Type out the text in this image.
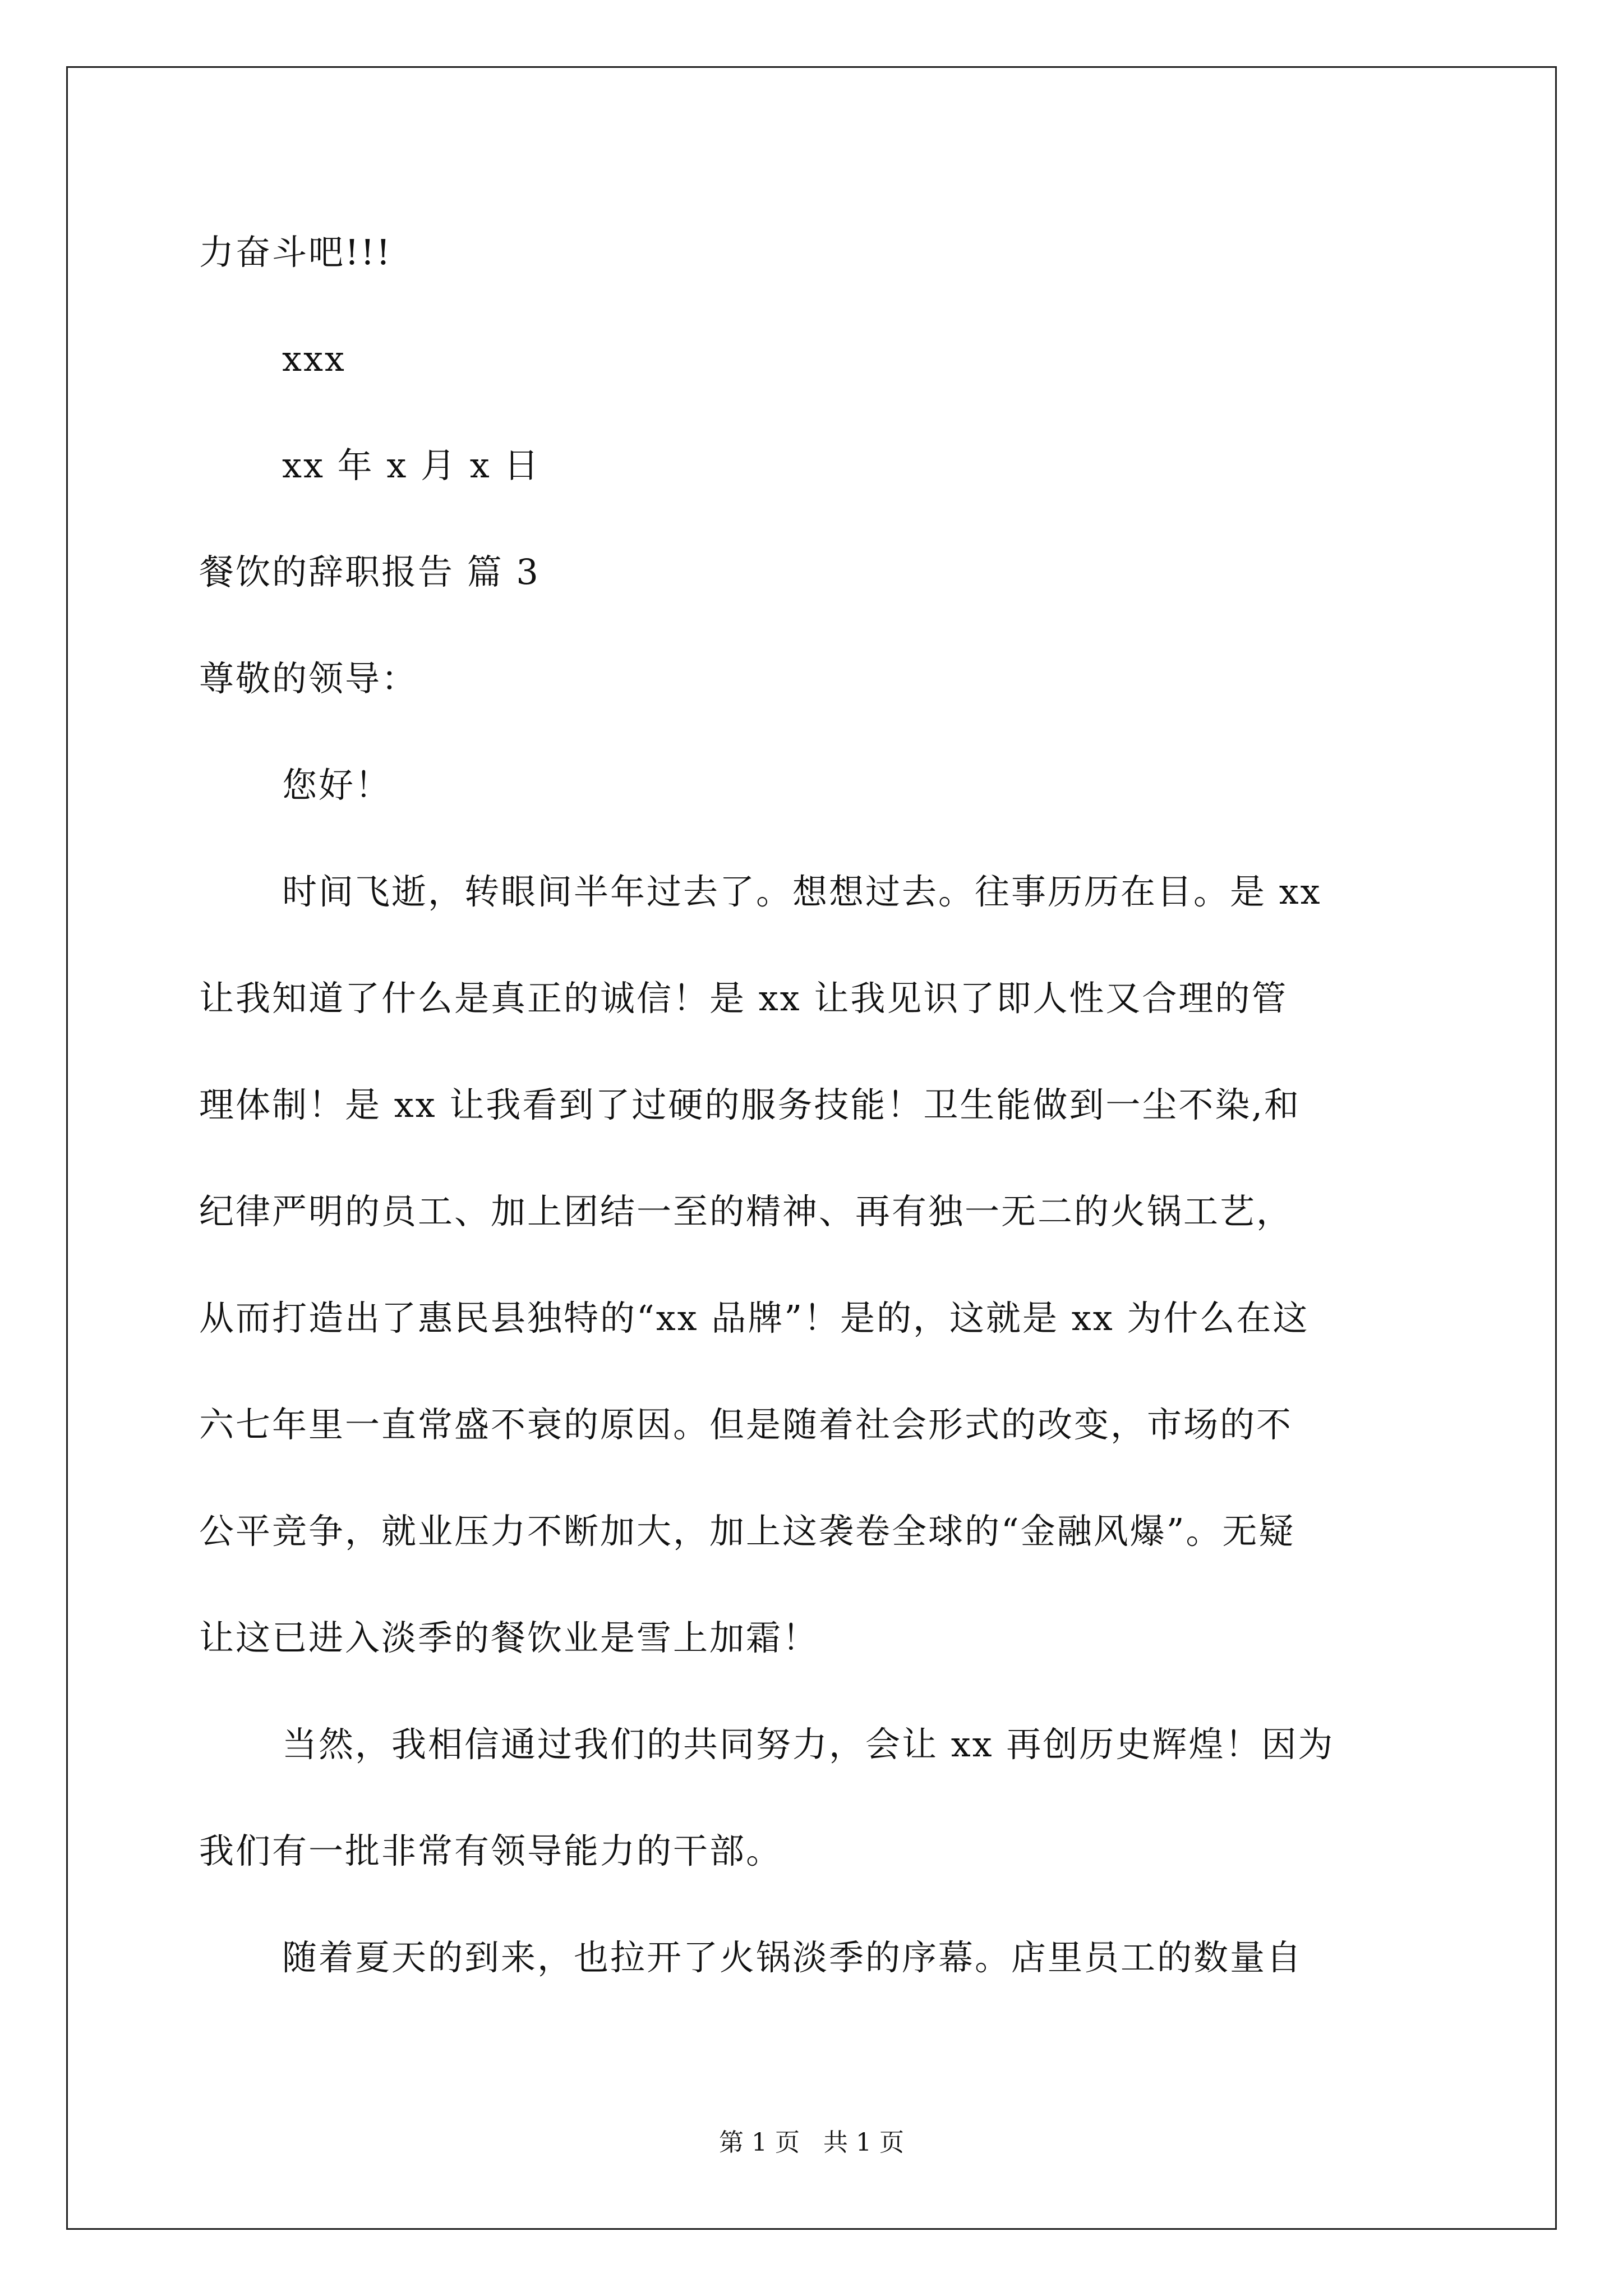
力奋斗吧!!!
xxx
xx 年 x 月 x 日
餐饮的辞职报告 篇 3
尊敬的领导：
您好！
时间飞逝，转眼间半年过去了。想想过去。往事历历在目。是 xx
让我知道了什么是真正的诚信！是 xx 让我见识了即人性又合理的管
理体制！是 xx 让我看到了过硬的服务技能！卫生能做到一尘不染,和
纪律严明的员工、加上团结一至的精神、再有独一无二的火锅工艺，
从而打造出了惠民县独特的“xx 品牌”！是的，这就是 xx 为什么在这
六七年里一直常盛不衰的原因。但是随着社会形式的改变，市场的不
公平竞争，就业压力不断加大，加上这袭卷全球的“金融风爆”。无疑
让这已进入淡季的餐饮业是雪上加霜！
当然，我相信通过我们的共同努力，会让 xx 再创历史辉煌！因为
我们有一批非常有领导能力的干部。
随着夏天的到来，也拉开了火锅淡季的序幕。店里员工的数量自
第 1 页   共 1 页
